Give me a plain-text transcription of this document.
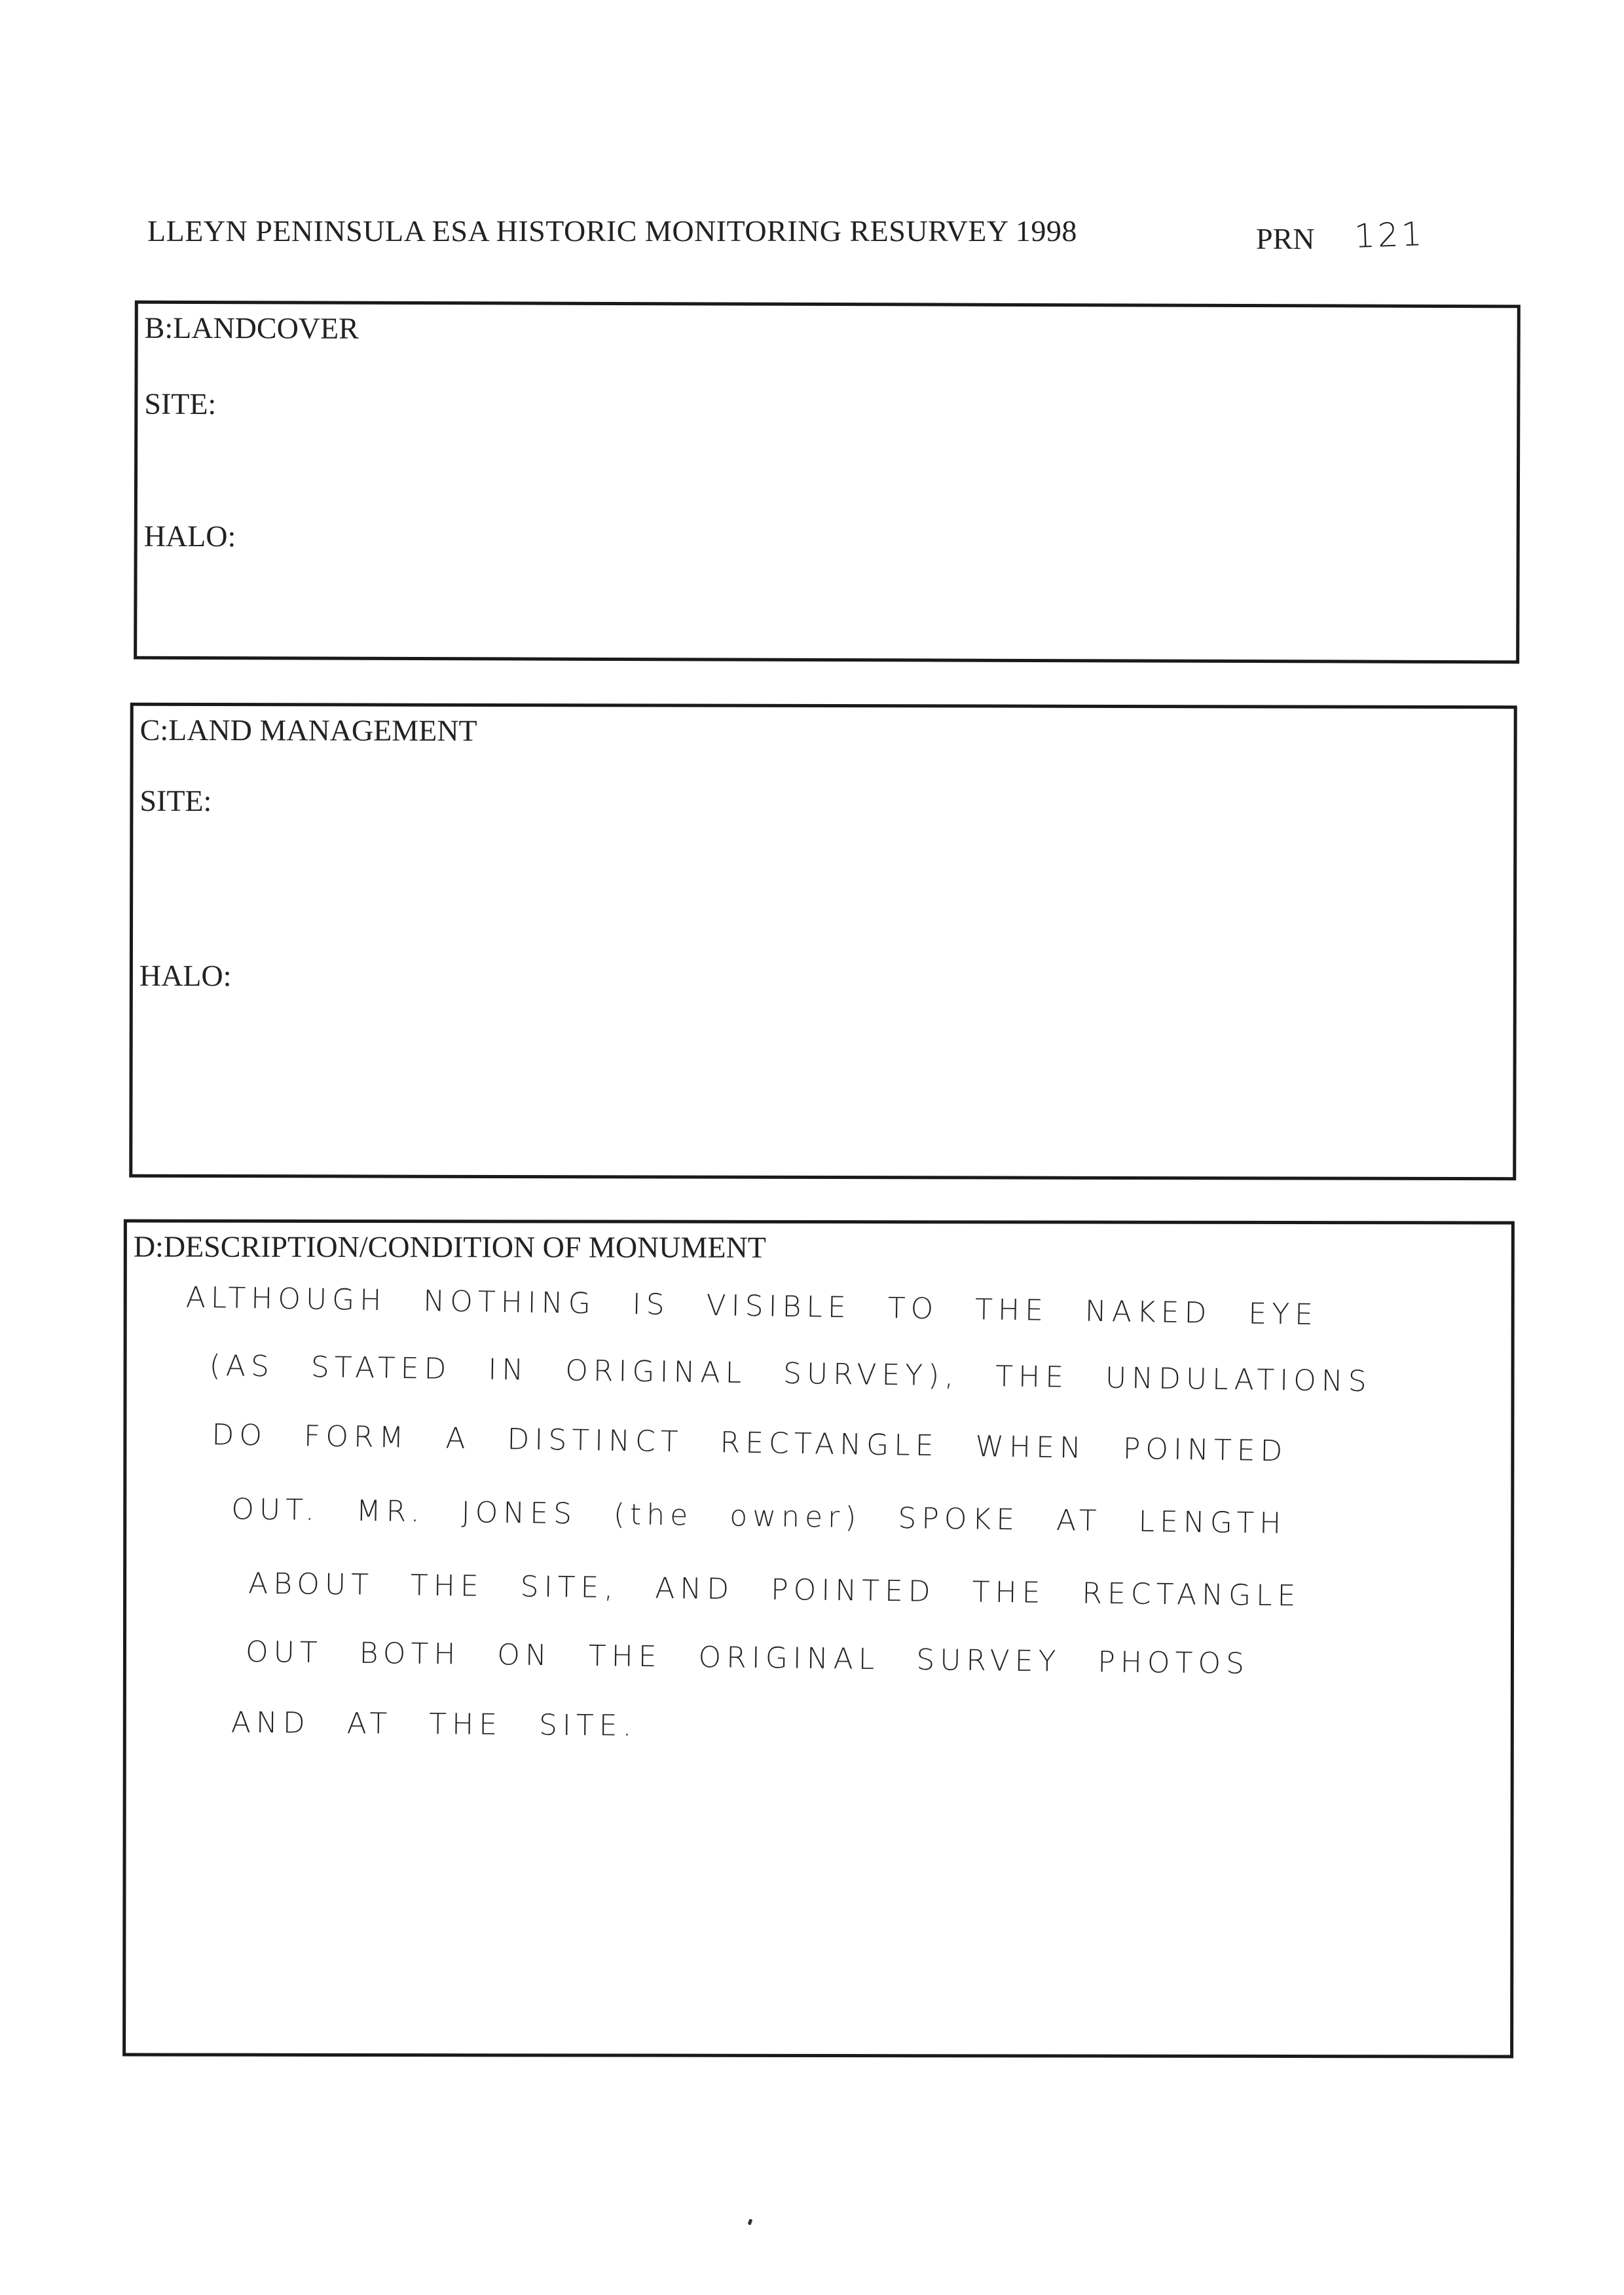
LLEYN PENINSULA ESA HISTORIC MONITORING RESURVEY 1998	PRN 121
B:LANDCOVER
SITE:
HALO:
C:LAND MANAGEMENT
SITE:
HALO:
D:DESCRIPTION/CONDITION OF MONUMENT
ALTHOUGH NOTHING IS VISIBLE TO THE NAKED EYE
(AS STATED IN ORIGINAL SURVEY), THE UNDULATIONS
DO FORM A DISTINCT RECTANGLE WHEN POINTED
OUT. MR. JONES (the owner) SPOKE AT LENGTH
ABOUT THE SITE, AND POINTED THE RECTANGLE
OUT BOTH ON THE ORIGINAL SURVEY PHOTOS
AND AT THE SITE.
